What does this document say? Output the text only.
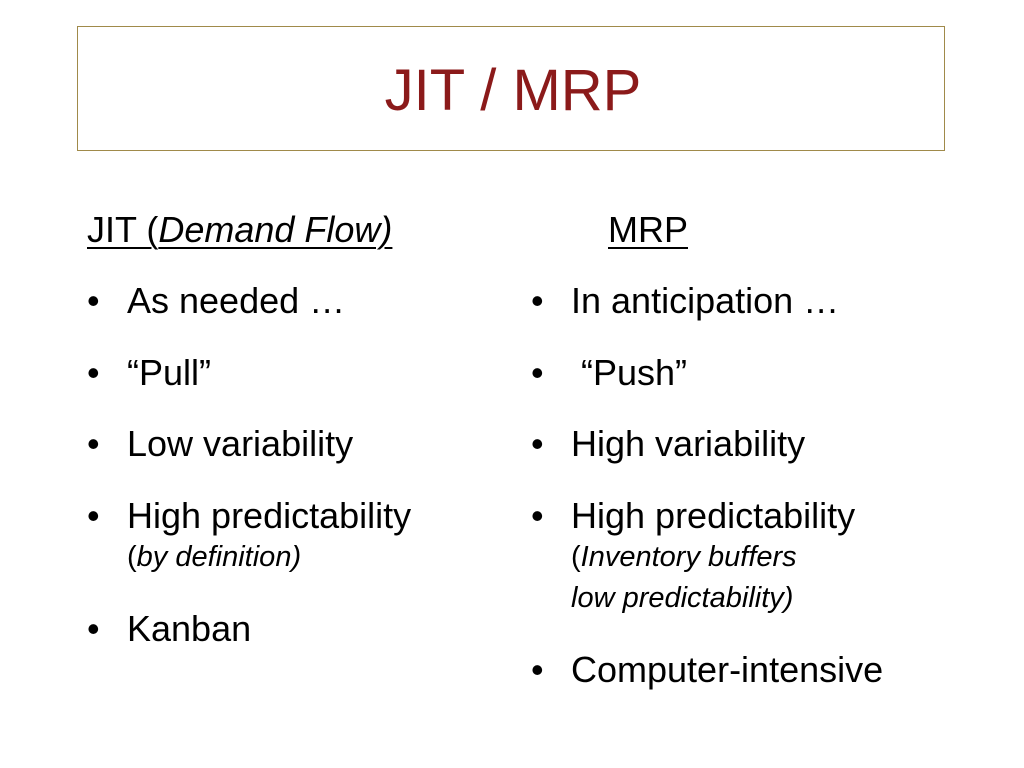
JIT / MRP
JIT (Demand Flow)
• As needed …
• “Pull”
• Low variability
• High predictability
(by definition)
• Kanban
MRP
• In anticipation …
• “Push”
• High variability
• High predictability
(Inventory buffers
low predictability)
• Computer-intensive
